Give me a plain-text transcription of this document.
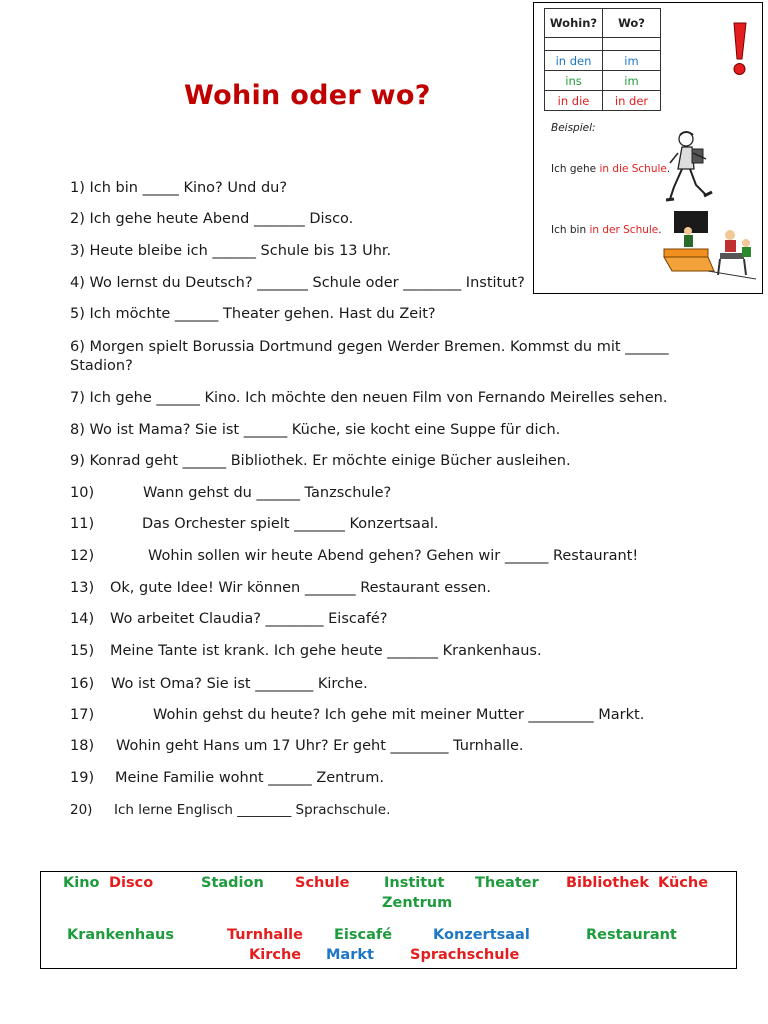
Wohin oder wo?
1) Ich bin _____ Kino? Und du?
2) Ich gehe heute Abend _______ Disco.
3) Heute bleibe ich ______ Schule bis 13 Uhr.
4) Wo lernst du Deutsch? _______ Schule oder ________ Institut?
5) Ich möchte ______ Theater gehen. Hast du Zeit?
6) Morgen spielt Borussia Dortmund gegen Werder Bremen. Kommst du mit ______ Stadion?
7) Ich gehe ______ Kino. Ich möchte den neuen Film von Fernando Meirelles sehen.
8) Wo ist Mama? Sie ist ______ Küche, sie kocht eine Suppe für dich.
9) Konrad geht ______ Bibliothek. Er möchte einige Bücher ausleihen.
10)	Wann gehst du ______ Tanzschule?
11)	Das Orchester spielt _______ Konzertsaal.
12)	Wohin sollen wir heute Abend gehen? Gehen wir ______ Restaurant!
13) Ok, gute Idee! Wir können _______ Restaurant essen.
14) Wo arbeitet Claudia? ________ Eiscafé?
15) Meine Tante ist krank. Ich gehe heute _______ Krankenhaus.
16) Wo ist Oma? Sie ist ________ Kirche.
17)	Wohin gehst du heute? Ich gehe mit meiner Mutter _________ Markt.
18) Wohin geht Hans um 17 Uhr? Er geht ________ Turnhalle.
19) Meine Familie wohnt ______ Zentrum.
20) Ich lerne Englisch ________ Sprachschule.
Wohin?	Wo?

in den	im
ins	im
in die	in der
Beispiel:
Ich gehe in die Schule.
Ich bin in der Schule.
Kino Disco	Stadion Schule Institut Theater Bibliothek Küche
Zentrum
Krankenhaus	Turnhalle Eiscafé	Konzertsaal	Restaurant
Kirche Markt Sprachschule
